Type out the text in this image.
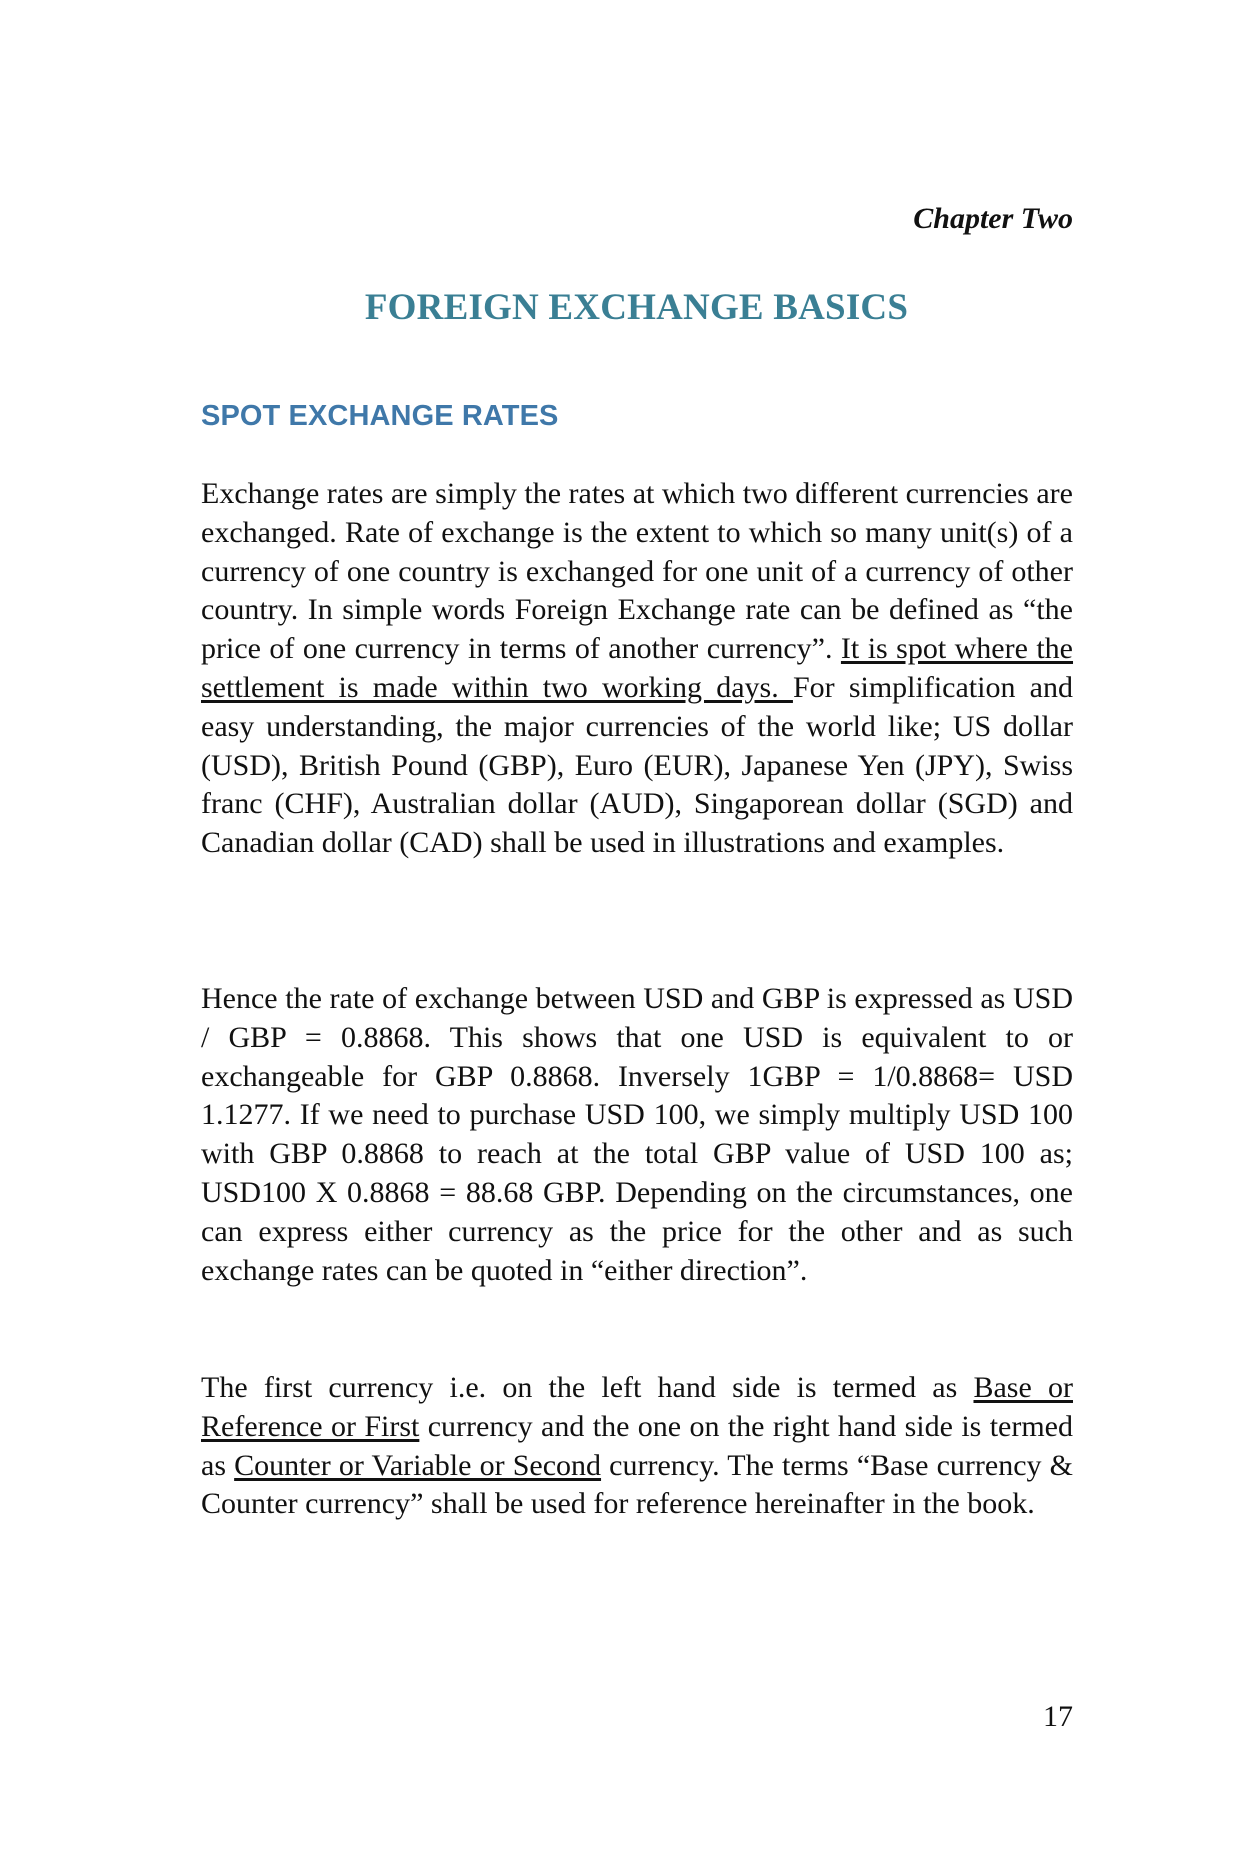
Chapter Two
FOREIGN EXCHANGE BASICS
SPOT EXCHANGE RATES

Exchange rates are simply the rates at which two different currencies are exchanged. Rate of exchange is the extent to which so many unit(s) of a currency of one country is exchanged for one unit of a currency of other country. In simple words Foreign Exchange rate can be defined as “the price of one currency in terms of another currency”. It is spot where the settlement is made within two working days. For simplification and easy understanding, the major currencies of the world like; US dollar (USD), British Pound (GBP), Euro (EUR), Japanese Yen (JPY), Swiss franc (CHF), Australian dollar (AUD), Singaporean dollar (SGD) and Canadian dollar (CAD) shall be used in illustrations and examples.

Hence the rate of exchange between USD and GBP is expressed as USD / GBP = 0.8868. This shows that one USD is equivalent to or exchangeable for GBP 0.8868. Inversely 1GBP = 1/0.8868= USD 1.1277. If we need to purchase USD 100, we simply multiply USD 100 with GBP 0.8868 to reach at the total GBP value of USD 100 as; USD100 X 0.8868 = 88.68 GBP. Depending on the circumstances, one can express either currency as the price for the other and as such exchange rates can be quoted in “either direction”.

The first currency i.e. on the left hand side is termed as Base or Reference or First currency and the one on the right hand side is termed as Counter or Variable or Second currency. The terms “Base currency & Counter currency” shall be used for reference hereinafter in the book.

17
